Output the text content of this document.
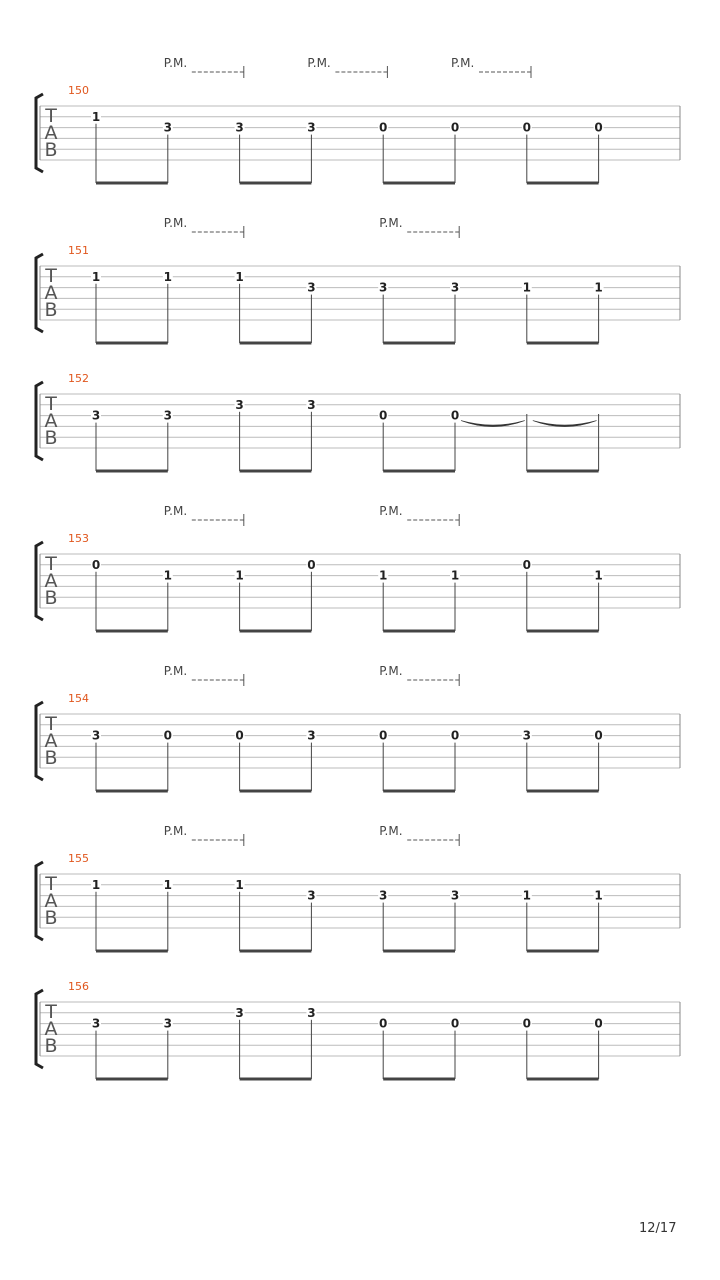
T
A
B
150
P.M.	P.M.	P.M.
1
3	3	3	0	0	0	0
T
A
B
151
P.M.	P.M.
1	1	1
3	3	3	1	1
T
A
B
152
3	3
3	3
0	0
T
A
B
153
P.M.	P.M.
0
1	1
0
1	1
0
1
T
A
B
154
P.M.	P.M.
3	0	0	3	0	0	3	0
T
A
B
155
P.M.	P.M.
1	1	1
3	3	3	1	1
T
A
B
156
3	3
3	3
0	0	0	0
12/17
